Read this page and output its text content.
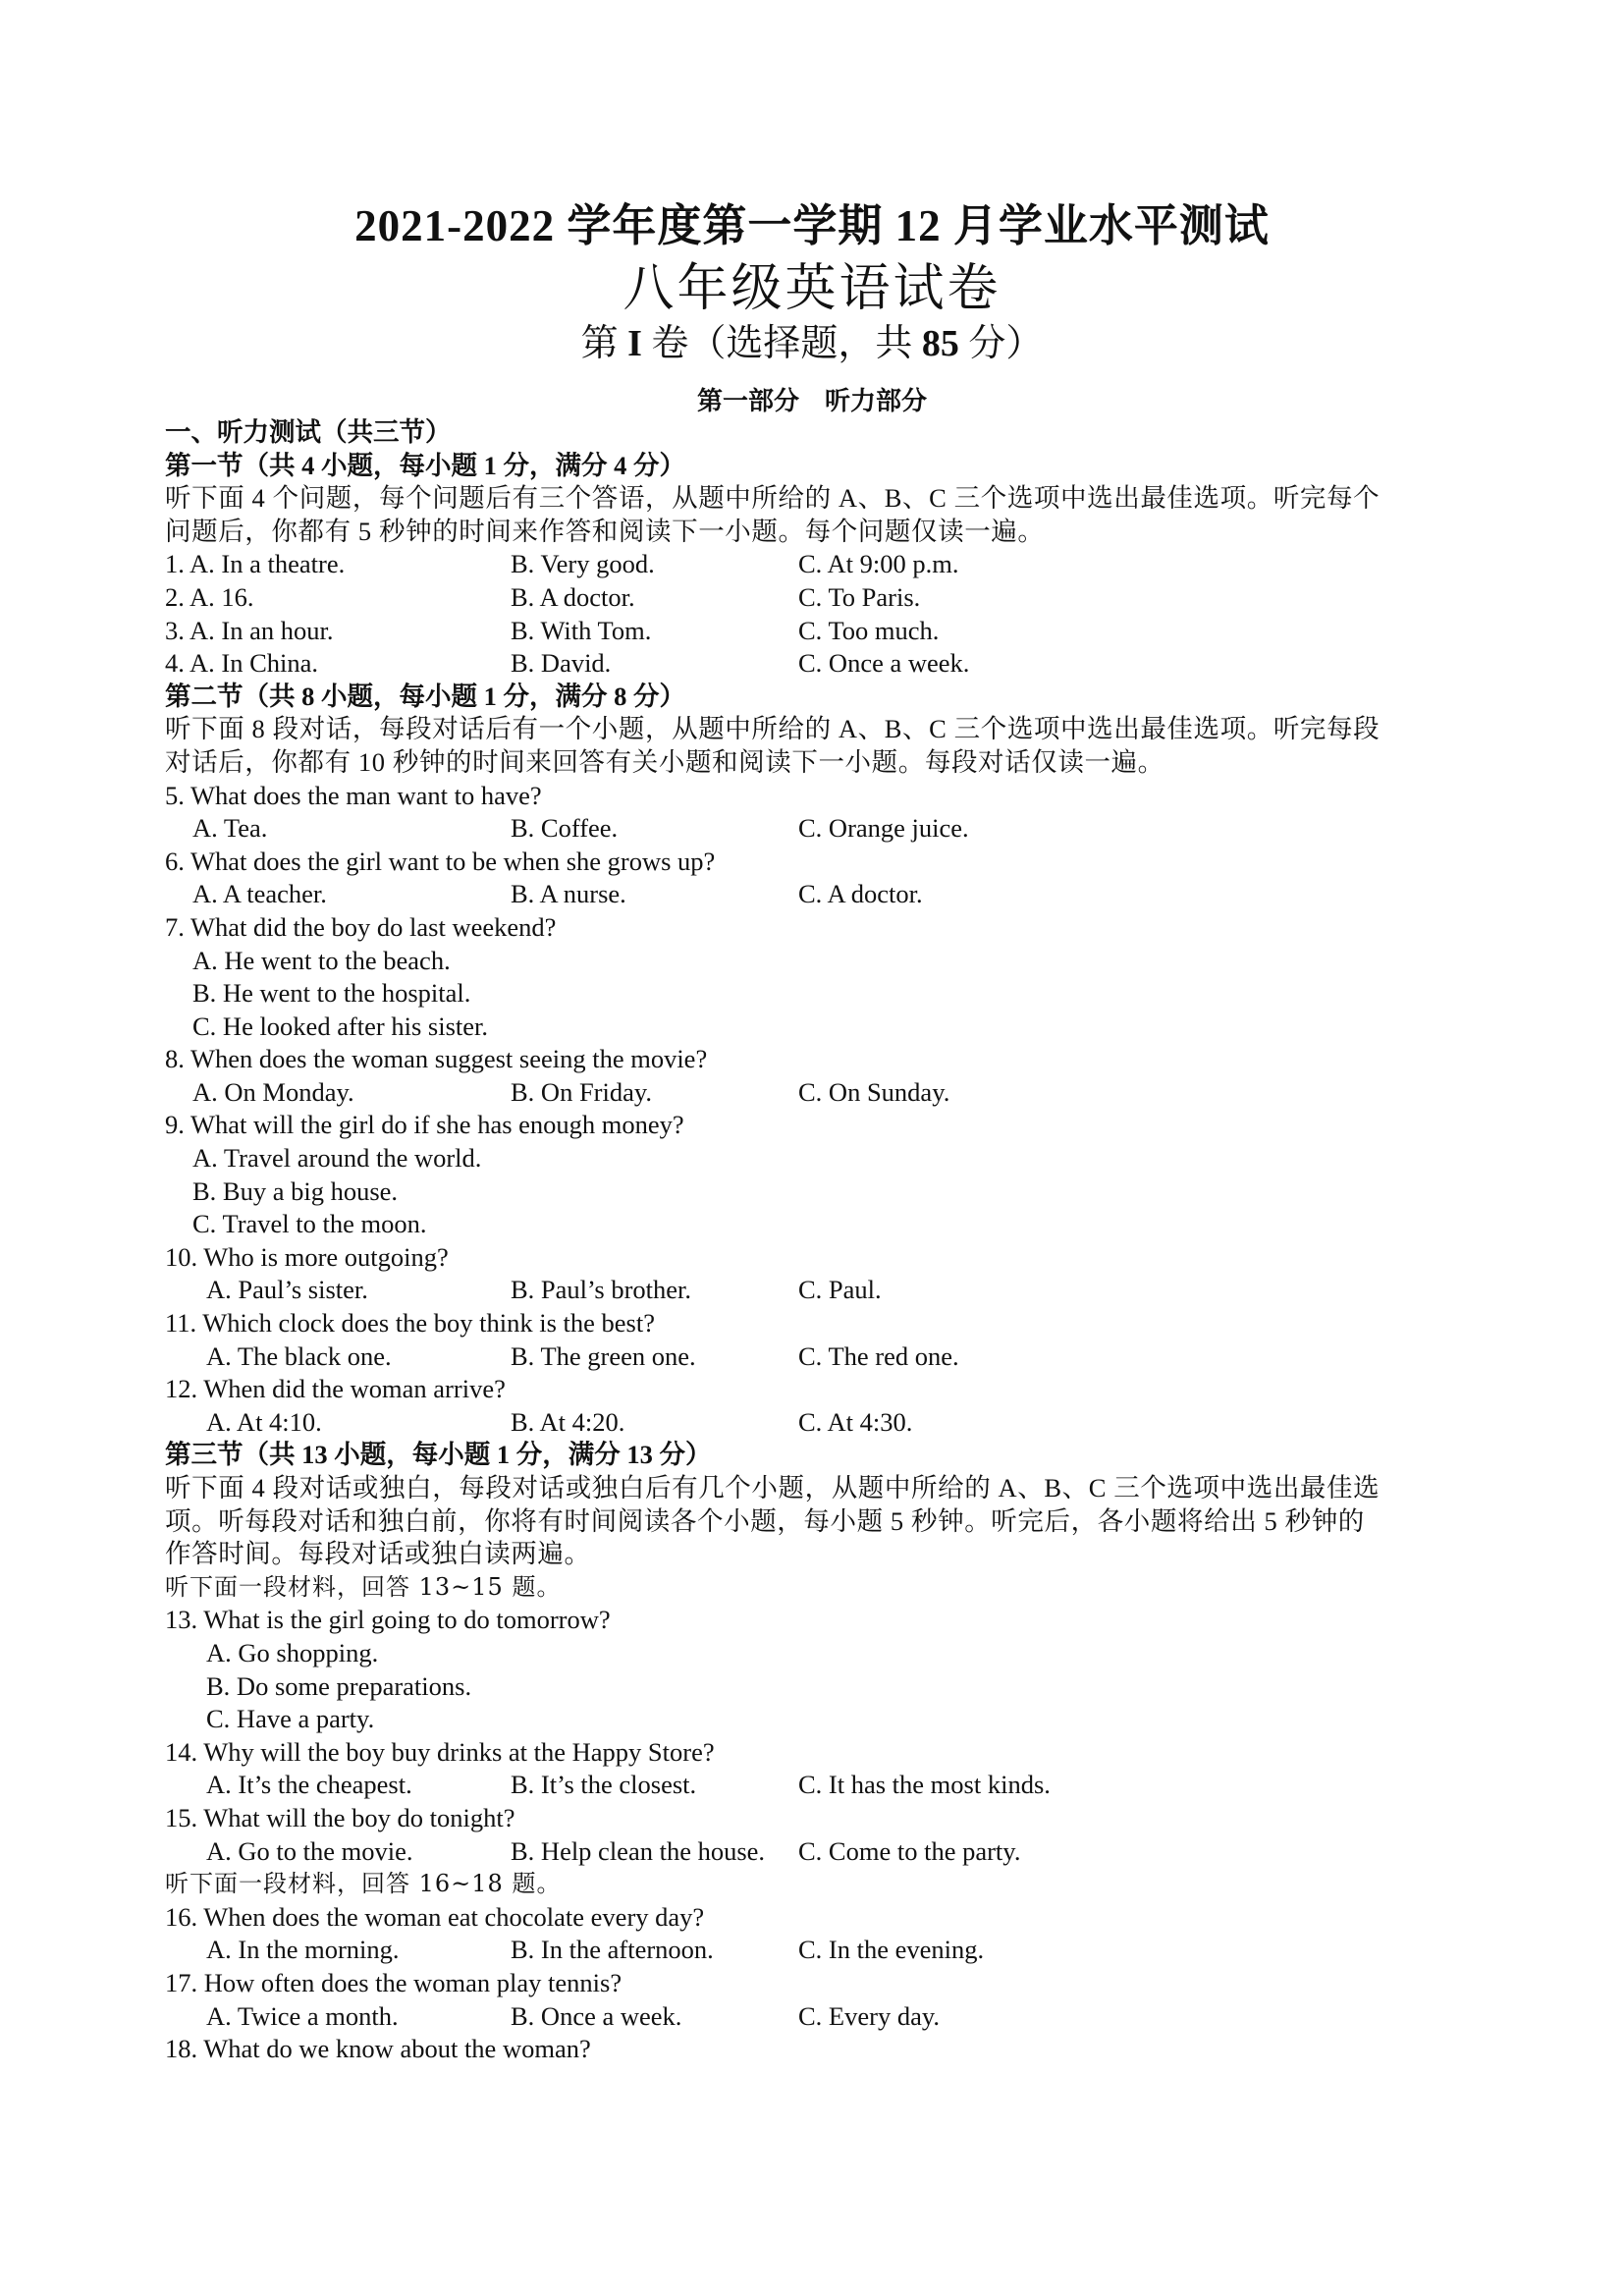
2021-2022 学年度第一学期 12 月学业水平测试
八年级英语试卷
第 I 卷（选择题，共 85 分）
第一部分　听力部分
一、听力测试（共三节）
第一节（共 4 小题，每小题 1 分，满分 4 分）
听下面 4 个问题，每个问题后有三个答语，从题中所给的 A、B、C 三个选项中选出最佳选项。听完每个
问题后，你都有 5 秒钟的时间来作答和阅读下一小题。每个问题仅读一遍。
1. A. In a theatre.	B. Very good.	C. At 9:00 p.m.
2. A. 16.	B. A doctor.	C. To Paris.
3. A. In an hour.	B. With Tom.	C. Too much.
4. A. In China.	B. David.	C. Once a week.
第二节（共 8 小题，每小题 1 分，满分 8 分）
听下面 8 段对话，每段对话后有一个小题，从题中所给的 A、B、C 三个选项中选出最佳选项。听完每段
对话后，你都有 10 秒钟的时间来回答有关小题和阅读下一小题。每段对话仅读一遍。
5. What does the man want to have?
A. Tea.	B. Coffee.	C. Orange juice.
6. What does the girl want to be when she grows up?
A. A teacher.	B. A nurse.	C. A doctor.
7. What did the boy do last weekend?
A. He went to the beach.
B. He went to the hospital.
C. He looked after his sister.
8. When does the woman suggest seeing the movie?
A. On Monday.	B. On Friday.	C. On Sunday.
9. What will the girl do if she has enough money?
A. Travel around the world.
B. Buy a big house.
C. Travel to the moon.
10. Who is more outgoing?
A. Paul’s sister.	B. Paul’s brother.	C. Paul.
11. Which clock does the boy think is the best?
A. The black one.	B. The green one.	C. The red one.
12. When did the woman arrive?
A. At 4:10.	B. At 4:20.	C. At 4:30.
第三节（共 13 小题，每小题 1 分，满分 13 分）
听下面 4 段对话或独白，每段对话或独白后有几个小题，从题中所给的 A、B、C 三个选项中选出最佳选
项。听每段对话和独白前，你将有时间阅读各个小题，每小题 5 秒钟。听完后，各小题将给出 5 秒钟的
作答时间。每段对话或独白读两遍。
听下面一段材料，回答 13~15 题。
13. What is the girl going to do tomorrow?
A. Go shopping.
B. Do some preparations.
C. Have a party.
14. Why will the boy buy drinks at the Happy Store?
A. It’s the cheapest.	B. It’s the closest.	C. It has the most kinds.
15. What will the boy do tonight?
A. Go to the movie.	B. Help clean the house. C. Come to the party.
听下面一段材料，回答 16~18 题。
16. When does the woman eat chocolate every day?
A. In the morning.	B. In the afternoon.	C. In the evening.
17. How often does the woman play tennis?
A. Twice a month.	B. Once a week.	C. Every day.
18. What do we know about the woman?
